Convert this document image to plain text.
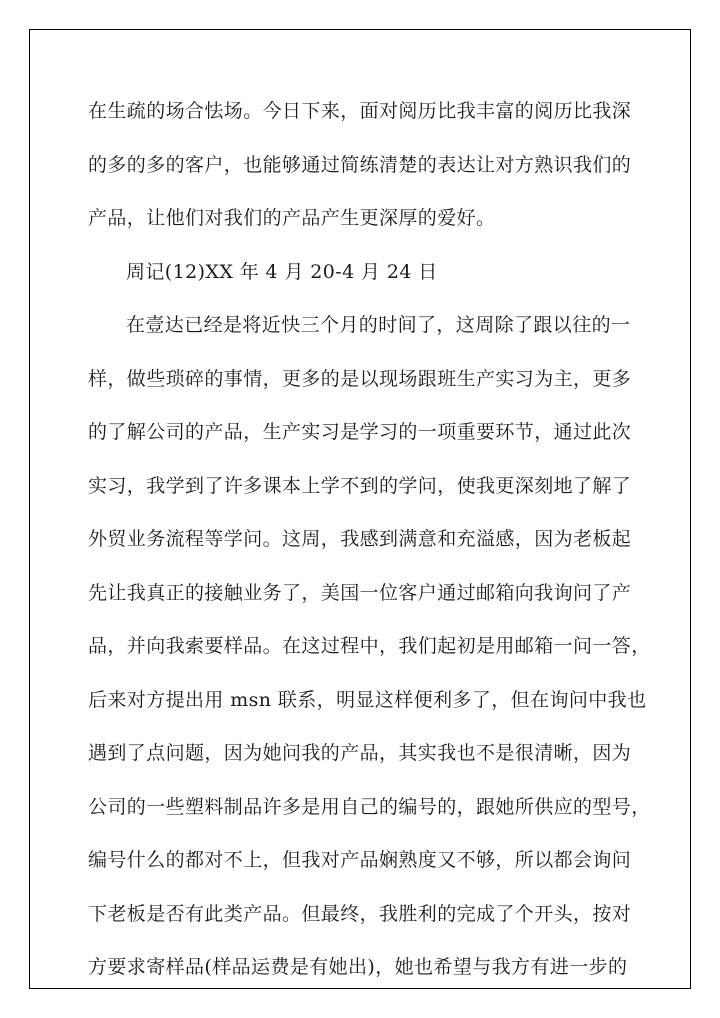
在生疏的场合怯场。今日下来，面对阅历比我丰富的阅历比我深
的多的多的客户，也能够通过简练清楚的表达让对方熟识我们的
产品，让他们对我们的产品产生更深厚的爱好。
周记(12)XX 年 4 月 20-4 月 24 日
在壹达已经是将近快三个月的时间了，这周除了跟以往的一
样，做些琐碎的事情，更多的是以现场跟班生产实习为主，更多
的了解公司的产品，生产实习是学习的一项重要环节，通过此次
实习，我学到了许多课本上学不到的学问，使我更深刻地了解了
外贸业务流程等学问。这周，我感到满意和充溢感，因为老板起
先让我真正的接触业务了，美国一位客户通过邮箱向我询问了产
品，并向我索要样品。在这过程中，我们起初是用邮箱一问一答，
后来对方提出用 msn 联系，明显这样便利多了，但在询问中我也
遇到了点问题，因为她问我的产品，其实我也不是很清晰，因为
公司的一些塑料制品许多是用自己的编号的，跟她所供应的型号，
编号什么的都对不上，但我对产品娴熟度又不够，所以都会询问
下老板是否有此类产品。但最终，我胜利的完成了个开头，按对
方要求寄样品(样品运费是有她出)，她也希望与我方有进一步的
